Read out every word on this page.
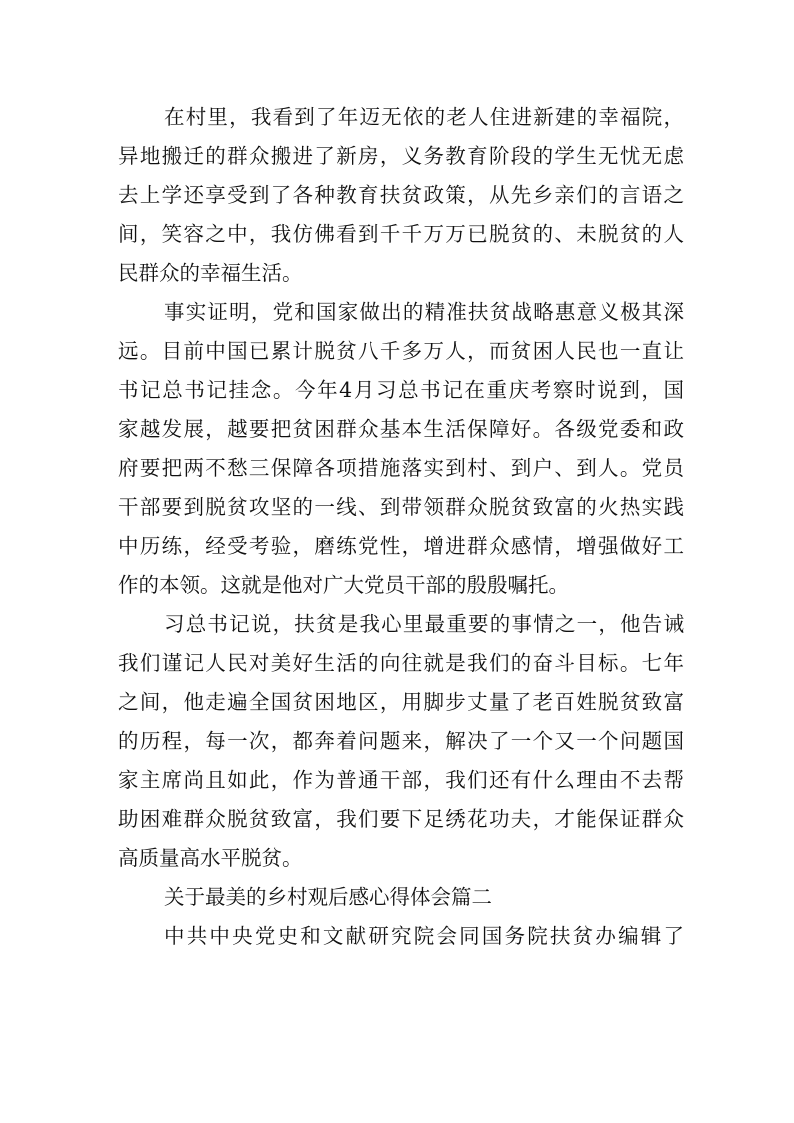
在村里，我看到了年迈无依的老人住进新建的幸福院，
异地搬迁的群众搬进了新房，义务教育阶段的学生无忧无虑
去上学还享受到了各种教育扶贫政策，从先乡亲们的言语之
间，笑容之中，我仿佛看到千千万万已脱贫的、未脱贫的人
民群众的幸福生活。
事实证明，党和国家做出的精准扶贫战略惠意义极其深
远。目前中国已累计脱贫八千多万人，而贫困人民也一直让
书记总书记挂念。今年4月习总书记在重庆考察时说到，国
家越发展，越要把贫困群众基本生活保障好。各级党委和政
府要把两不愁三保障各项措施落实到村、到户、到人。党员
干部要到脱贫攻坚的一线、到带领群众脱贫致富的火热实践
中历练，经受考验，磨练党性，增进群众感情，增强做好工
作的本领。这就是他对广大党员干部的殷殷嘱托。
习总书记说，扶贫是我心里最重要的事情之一，他告诫
我们谨记人民对美好生活的向往就是我们的奋斗目标。七年
之间，他走遍全国贫困地区，用脚步丈量了老百姓脱贫致富
的历程，每一次，都奔着问题来，解决了一个又一个问题国
家主席尚且如此，作为普通干部，我们还有什么理由不去帮
助困难群众脱贫致富，我们要下足绣花功夫，才能保证群众
高质量高水平脱贫。
关于最美的乡村观后感心得体会篇二
中共中央党史和文献研究院会同国务院扶贫办编辑了
